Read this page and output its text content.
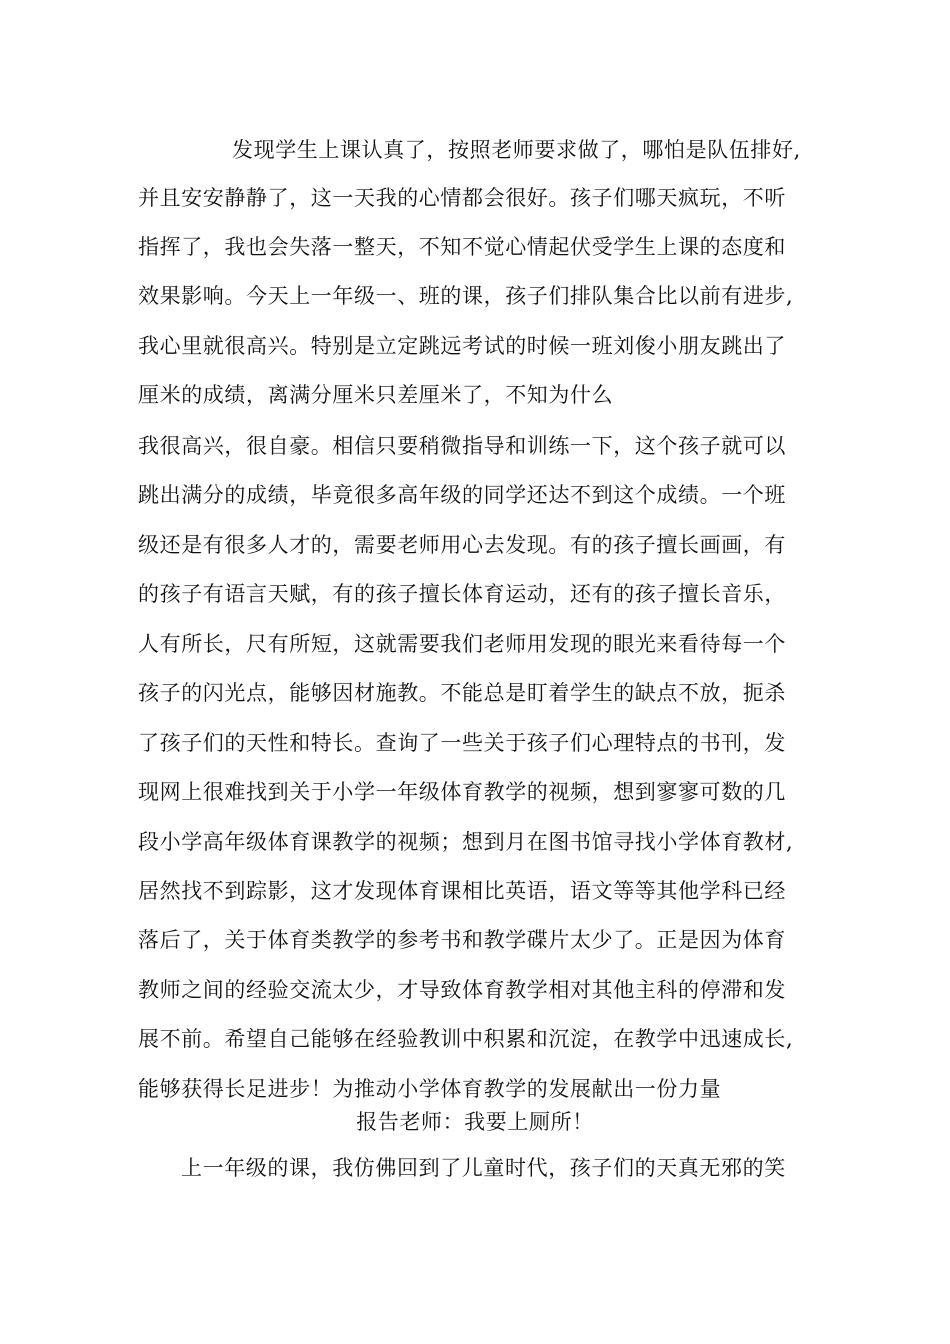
发现学生上课认真了，按照老师要求做了，哪怕是队伍排好,
并且安安静静了，这一天我的心情都会很好。孩子们哪天疯玩，不听
指挥了，我也会失落一整天，不知不觉心情起伏受学生上课的态度和
效果影响。今天上一年级一、班的课，孩子们排队集合比以前有进步,
我心里就很高兴。特别是立定跳远考试的时候一班刘俊小朋友跳出了
厘米的成绩，离满分厘米只差厘米了，不知为什么
我很高兴，很自豪。相信只要稍微指导和训练一下，这个孩子就可以
跳出满分的成绩，毕竟很多高年级的同学还达不到这个成绩。一个班
级还是有很多人才的，需要老师用心去发现。有的孩子擅长画画，有
的孩子有语言天赋，有的孩子擅长体育运动，还有的孩子擅长音乐，
人有所长，尺有所短，这就需要我们老师用发现的眼光来看待每一个
孩子的闪光点，能够因材施教。不能总是盯着学生的缺点不放，扼杀
了孩子们的天性和特长。查询了一些关于孩子们心理特点的书刊，发
现网上很难找到关于小学一年级体育教学的视频，想到寥寥可数的几
段小学高年级体育课教学的视频；想到月在图书馆寻找小学体育教材,
居然找不到踪影，这才发现体育课相比英语，语文等等其他学科已经
落后了，关于体育类教学的参考书和教学碟片太少了。正是因为体育
教师之间的经验交流太少，才导致体育教学相对其他主科的停滞和发
展不前。希望自己能够在经验教训中积累和沉淀，在教学中迅速成长,
能够获得长足进步！为推动小学体育教学的发展献出一份力量
报告老师：我要上厕所！
上一年级的课，我仿佛回到了儿童时代，孩子们的天真无邪的笑
